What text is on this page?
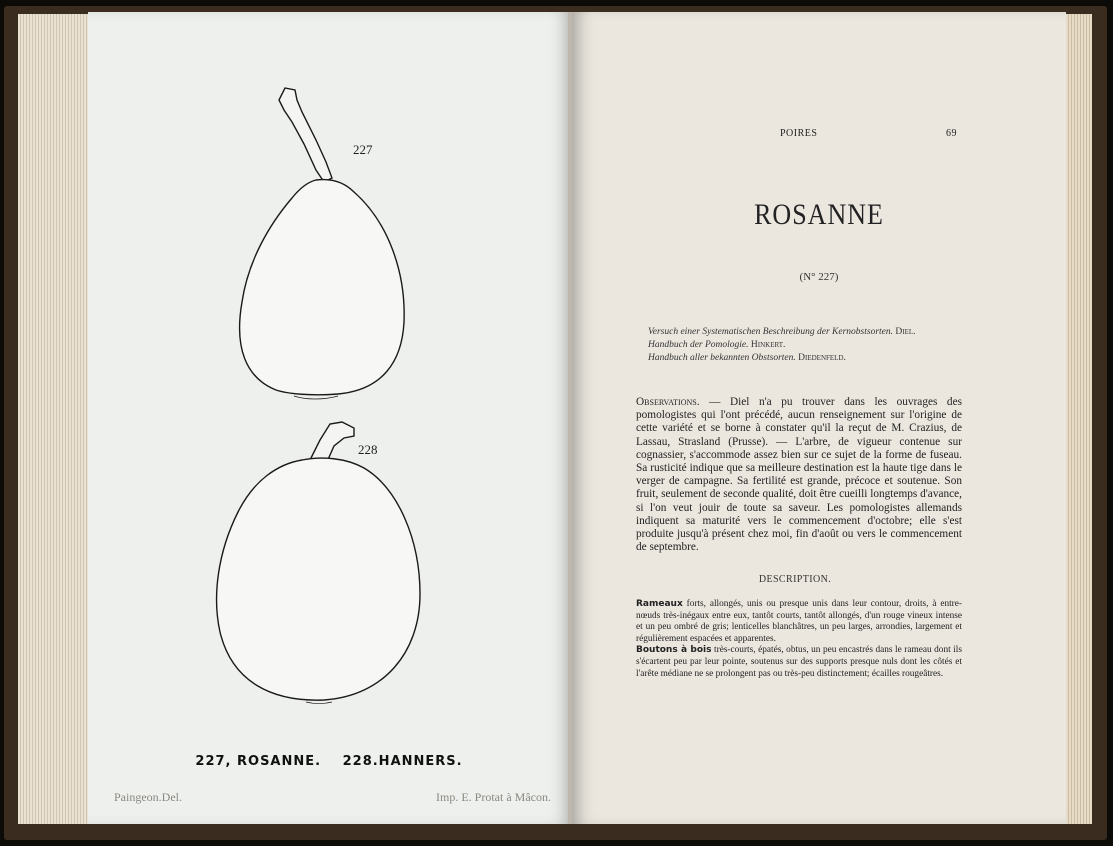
227
228
227, ROSANNE. 228.HANNERS.
Paingeon.Del.	Imp. E. Protat à Mâcon.
POIRES	69
ROSANNE
(N° 227)
Versuch einer Systematischen Beschreibung der Kernobstsorten. Diel.
Handbuch der Pomologie. Hinkert.
Handbuch aller bekannten Obstsorten. Diedenfeld.

Observations. — Diel n'a pu trouver dans les ouvrages des pomologistes qui l'ont précédé, aucun renseignement sur l'origine de cette variété et se borne à constater qu'il la reçut de M. Crazius, de Lassau, Strasland (Prusse). — L'arbre, de vigueur contenue sur cognassier, s'accommode assez bien sur ce sujet de la forme de fuseau. Sa rusticité indique que sa meilleure destination est la haute tige dans le verger de campagne. Sa fertilité est grande, précoce et soutenue. Son fruit, seulement de seconde qualité, doit être cueilli longtemps d'avance, si l'on veut jouir de toute sa saveur. Les pomologistes allemands indiquent sa maturité vers le commencement d'octobre; elle s'est produite jusqu'à présent chez moi, fin d'août ou vers le commencement de septembre.

DESCRIPTION.

Rameaux forts, allongés, unis ou presque unis dans leur contour, droits, à entre-nœuds très-inégaux entre eux, tantôt courts, tantôt allongés, d'un rouge vineux intense et un peu ombré de gris; lenticelles blanchâtres, un peu larges, arrondies, largement et régulièrement espacées et apparentes.

Boutons à bois très-courts, épatés, obtus, un peu encastrés dans le rameau dont ils s'écartent peu par leur pointe, soutenus sur des supports presque nuls dont les côtés et l'arête médiane ne se prolongent pas ou très-peu distinctement; écailles rougeâtres.
